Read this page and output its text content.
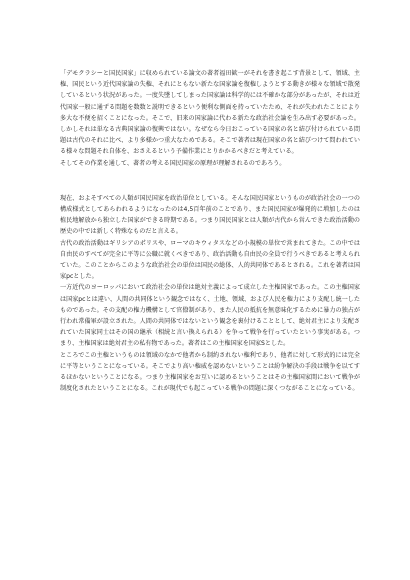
「デモクラシーと国民国家」に収められている論文の著者福田歓一がそれを書き起こす背景として、領域、主権、国民という近代国家論の失権、それにともない新たな国家論を復権しようとする動きが様々な領域で散発しているという状況があった。一度失墜してしまった国家論は科学的には不確かな部分があったが、それは近代国家一般に通ずる問題を数数と説明できるという便利な側面を持っていたため、それが失われたことにより多大な不便を招くことになった。そこで、旧来の国家論に代わる新たな政治社会論を生み出す必要があった。しかしそれは単なる古典国家論の復興ではない。なぜなら今日おこっている国家の名と結び付けられている問題は古代のそれに比べ、より多様かつ重大なためである。そこで著者は現在国家の名と結びつけて問われている様々な問題それ自体を、おさえるという予備作業にとりかかるべきだと考えている。

そしてその作業を通して、著者の考える国民国家の原理が理解されるのであろう。

現在、およそすべての人類が国民国家を政治単位としている。そんな国民国家というものが政治社会の一つの構成様式としてあらわれるようになったのは4,5百年前のことであり、また国民国家が爆発的に増加したのは植民地解放から独立した国家ができる時期である。つまり国民国家とは人類が古代から営んできた政治活動の歴史の中では新しく特殊なものだと言える。

古代の政治活動はギリシアのポリスや、ローマのキウィタスなどの小規模の単位で営まれてきた。この中では自由民のすべてが完全に平等に公職に就くべきであり、政治活動も自由民の全員で行うべきであると考えられていた。このことからこのような政治社会の単位は国民の総体、人的共同体であるとされる。これを著者は国家pcとした。

一方近代のヨーロッパにおいて政治社会の単位は絶対主義によって成立した主権国家であった。この主権国家は国家pcとは違い、人間の共同体という観念ではなく、土地、領域、および人民を権力により支配し統一したものであった。その支配の権力機構として官僚制があり、また人民の抵抗を無意味化するために暴力の独占が行われ常備軍が設立された。人間の共同体ではないという観念を裏付けることとして、絶対君主により支配されていた国家同士はその国の継承（相続と言い換えられる）を争って戦争を行っていたという事実がある。つまり、主権国家は絶対君主の私有物であった。著者はこの主権国家を国家Sとした。

ところでこの主権というものは領域のなかで他者から制約されない権利であり、他者に対して形式的には完全に平等ということになっている。そこでより高い権威を認めないということは紛争解決の手段は戦争を以てするほかないということになる。つまり主権国家をお互いに認めるということはその主権国家間において戦争が制度化されたということになる。これが現代でも起こっている戦争の問題に深くつながることになっている。
